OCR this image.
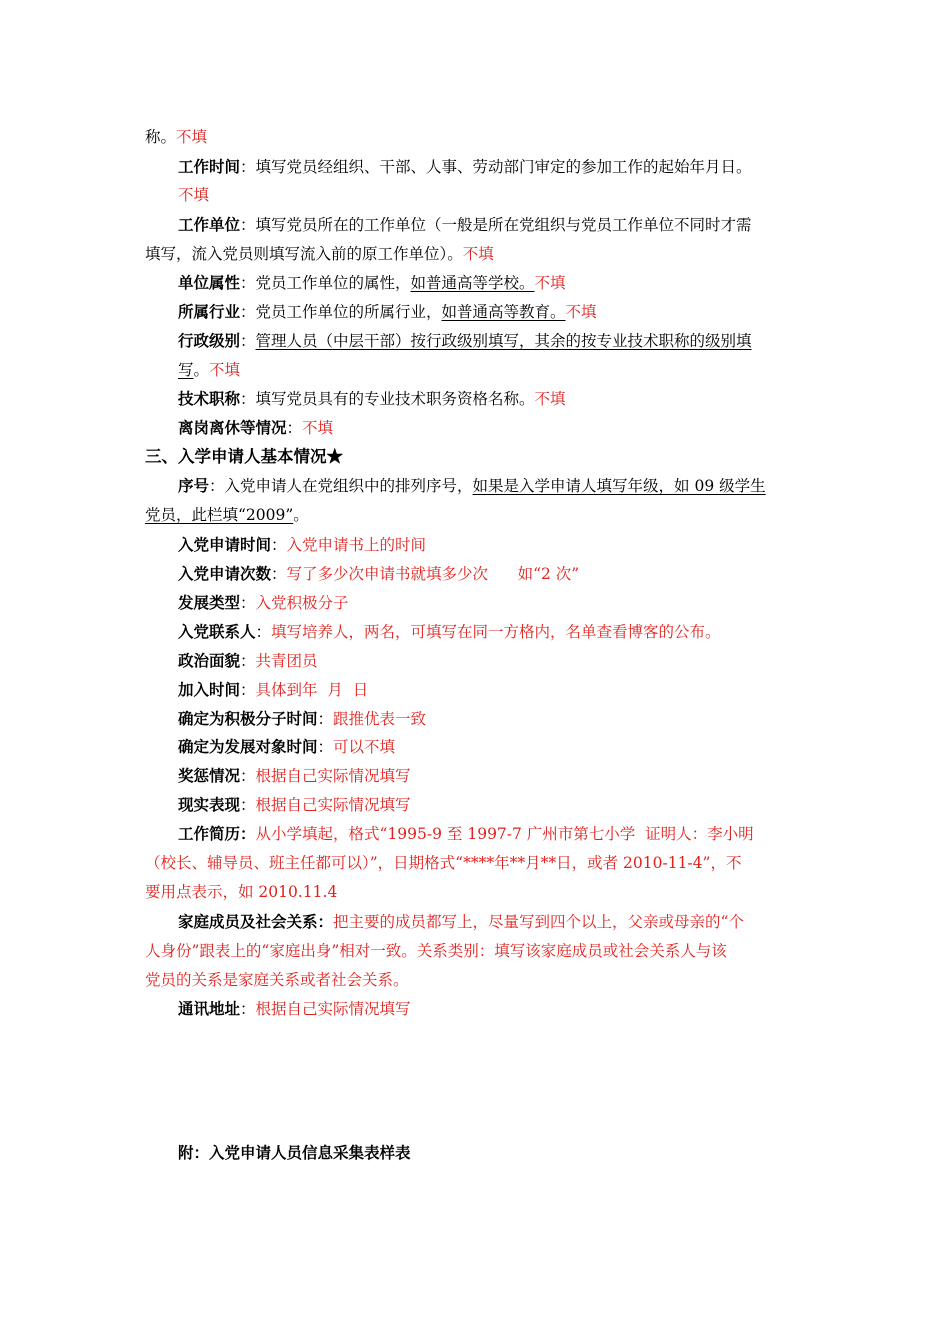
称。不填
工作时间：填写党员经组织、干部、人事、劳动部门审定的参加工作的起始年月日。
不填
工作单位：填写党员所在的工作单位（一般是所在党组织与党员工作单位不同时才需
填写，流入党员则填写流入前的原工作单位）。不填
单位属性：党员工作单位的属性，如普通高等学校。不填
所属行业：党员工作单位的所属行业，如普通高等教育。不填
行政级别：管理人员（中层干部）按行政级别填写，其余的按专业技术职称的级别填
写。不填
技术职称：填写党员具有的专业技术职务资格名称。不填
离岗离休等情况：不填
三、入学申请人基本情况★
序号：入党申请人在党组织中的排列序号，如果是入学申请人填写年级，如 09 级学生
党员，此栏填“2009”。
入党申请时间：入党申请书上的时间
入党申请次数：写了多少次申请书就填多少次      如“2 次”
发展类型：入党积极分子
入党联系人：填写培养人，两名，可填写在同一方格内，名单查看博客的公布。
政治面貌：共青团员
加入时间：具体到年  月  日
确定为积极分子时间：跟推优表一致
确定为发展对象时间：可以不填
奖惩情况：根据自己实际情况填写
现实表现：根据自己实际情况填写
工作简历：从小学填起，格式“1995-9 至 1997-7 广州市第七小学  证明人：李小明
（校长、辅导员、班主任都可以）”，日期格式“****年**月**日，或者 2010-11-4”，不
要用点表示，如 2010.11.4
家庭成员及社会关系：把主要的成员都写上，尽量写到四个以上，父亲或母亲的“个
人身份”跟表上的“家庭出身”相对一致。关系类别：填写该家庭成员或社会关系人与该
党员的关系是家庭关系或者社会关系。
通讯地址：根据自己实际情况填写
附：入党申请人员信息采集表样表
